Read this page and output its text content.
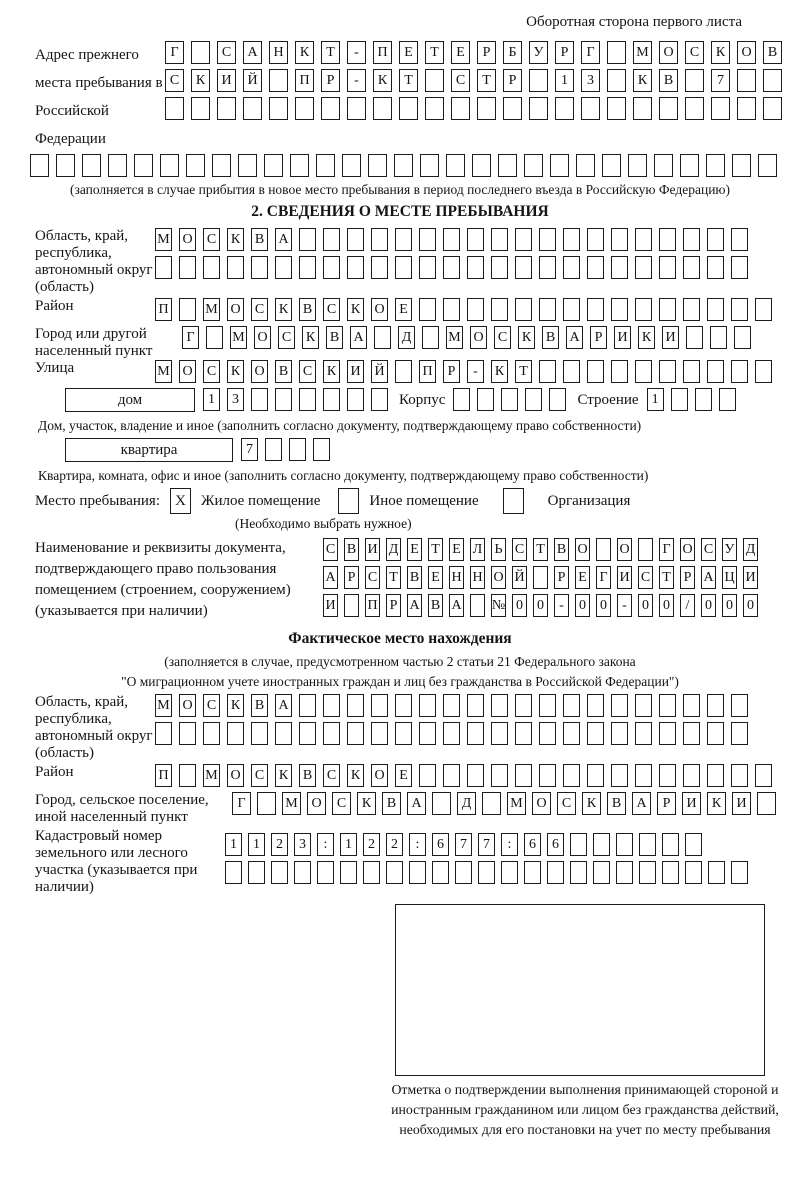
Оборотная сторона первого листа
Адрес прежнего места пребывания в Российской Федерации
Г	С	А	Н	К	Т	-	П	Е	Т	Е	Р	Б	У	Р	Г	М	О	С	К	О	В
С	К	И	Й	П	Р	-	К	Т	С	Т	Р	1	3	К	В	7
(заполняется в случае прибытия в новое место пребывания в период последнего въезда в Российскую Федерацию)
2. СВЕДЕНИЯ О МЕСТЕ ПРЕБЫВАНИЯ
Область, край, республика, автономный округ (область)
М О С К В А
Район	П	М О С К В С К О	Е
Город или другой населенный пункт
Г	М О С К В А	Д	М О С К В А	Р	И К И
Улица	М О С К О В С К И Й	П	Р	-	К	Т
дом	1	3	Корпус	Строение 1
Дом, участок, владение и иное (заполнить согласно документу, подтверждающему право собственности)
квартира	7
Квартира, комната, офис и иное (заполнить согласно документу, подтверждающему право собственности)
Место пребывания:	X	Жилое помещение	Иное помещение	Организация
(Необходимо выбрать нужное)
Наименование и реквизиты документа, подтверждающего право пользования помещением (строением, сооружением) (указывается при наличии)
С В И Д Е Т Е Л Ь С Т В О О Г О С У Д
А Р С Т В Е Н Н О Й Р Е Г И С Т Р А Ц И
И П Р А В А № 0 0	-	0 0	-	0 0	/	0 0 0
Фактическое место нахождения
(заполняется в случае, предусмотренном частью 2 статьи 21 Федерального закона
"О миграционном учете иностранных граждан и лиц без гражданства в Российской Федерации")
Область, край, республика, автономный округ (область)
М О С К В А
Район	П	М О С К В С К О	Е
Город, сельское поселение, иной населенный пункт
Г	М О	С	К	В	А	Д	М О	С	К	В	А	Р	И	К	И
Кадастровый номер земельного или лесного участка (указывается при наличии)
1	1	2	3	:	1	2	2	:	6	7	7	:	6	6
Отметка о подтверждении выполнения принимающей стороной и иностранным гражданином или лицом без гражданства действий, необходимых для его постановки на учет по месту пребывания
